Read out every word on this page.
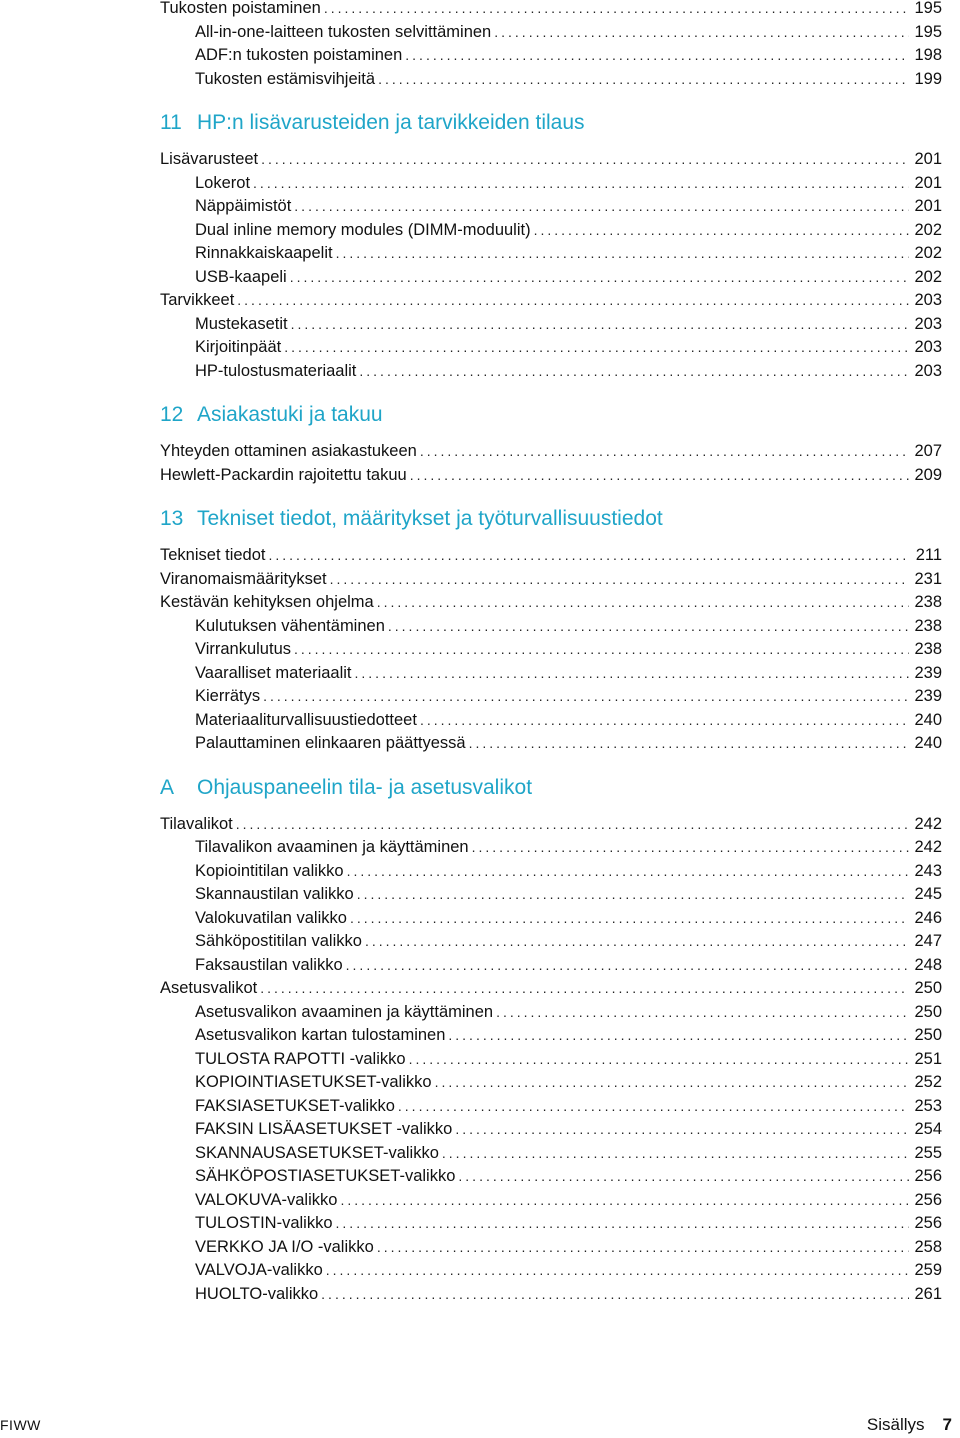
Tukosten poistaminen .....	195
All-in-one-laitteen tukosten selvittäminen .....	195
ADF:n tukosten poistaminen .....	198
Tukosten estämisvihjeitä .....	199
11 HP:n lisävarusteiden ja tarvikkeiden tilaus
Lisävarusteet .....	201
Lokerot .....	201
Näppäimistöt .....	201
Dual inline memory modules (DIMM-moduulit) .....	202
Rinnakkaiskaapelit .....	202
USB-kaapeli .....	202
Tarvikkeet .....	203
Mustekasetit .....	203
Kirjoitinpäät .....	203
HP-tulostusmateriaalit .....	203
12 Asiakastuki ja takuu
Yhteyden ottaminen asiakastukeen .....	207
Hewlett-Packardin rajoitettu takuu .....	209
13 Tekniset tiedot, määritykset ja työturvallisuustiedot
Tekniset tiedot .....	211
Viranomaismääritykset .....	231
Kestävän kehityksen ohjelma .....	238
Kulutuksen vähentäminen .....	238
Virrankulutus .....	238
Vaaralliset materiaalit .....	239
Kierrätys .....	239
Materiaaliturvallisuustiedotteet .....	240
Palauttaminen elinkaaren päättyessä .....	240
A Ohjauspaneelin tila- ja asetusvalikot
Tilavalikot .....	242
Tilavalikon avaaminen ja käyttäminen .....	242
Kopiointitilan valikko .....	243
Skannaustilan valikko .....	245
Valokuvatilan valikko .....	246
Sähköpostitilan valikko .....	247
Faksaustilan valikko .....	248
Asetusvalikot .....	250
Asetusvalikon avaaminen ja käyttäminen .....	250
Asetusvalikon kartan tulostaminen .....	250
TULOSTA RAPOTTI -valikko .....	251
KOPIOINTIASETUKSET-valikko .....	252
FAKSIASETUKSET-valikko .....	253
FAKSIN LISÄASETUKSET -valikko .....	254
SKANNAUSASETUKSET-valikko .....	255
SÄHKÖPOSTIASETUKSET-valikko .....	256
VALOKUVA-valikko .....	256
TULOSTIN-valikko .....	256
VERKKO JA I/O -valikko .....	258
VALVOJA-valikko .....	259
HUOLTO-valikko .....	261
FIWW	Sisällys 7
